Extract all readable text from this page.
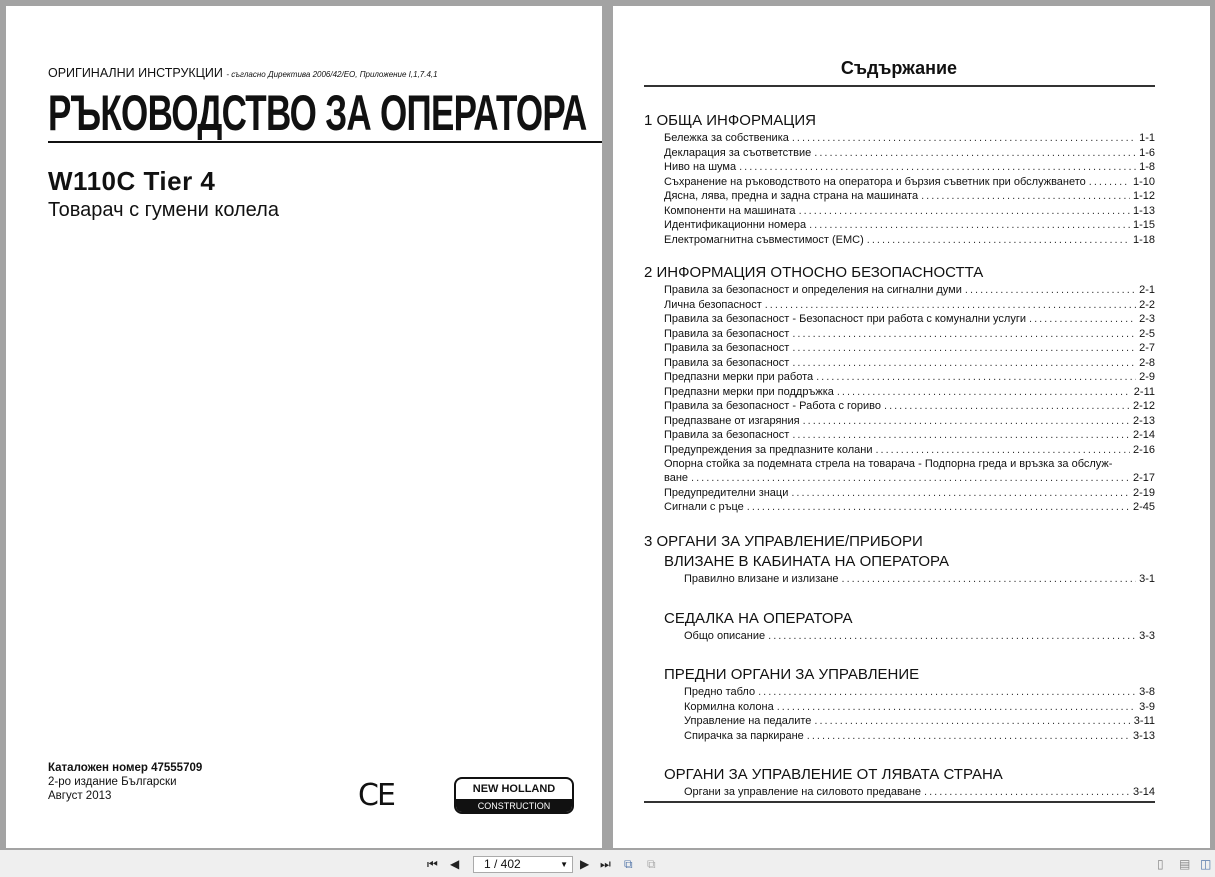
ОРИГИНАЛНИ ИНСТРУКЦИИ - съгласно Директива 2006/42/ЕО, Приложение I,1,7.4,1
РЪКОВОДСТВО ЗА ОПЕРАТОРА
W110C Tier 4
Товарач с гумени колела
Каталожен номер 47555709
2-ро издание Български
Август 2013	CE	NEW HOLLAND
CONSTRUCTION
Съдържание
1 ОБЩА ИНФОРМАЦИЯ
Бележка за собственика .....	1-1
Декларация за съответствие .....	1-6
Ниво на шума .....	1-8
Съхранение на ръководството на оператора и бързия съветник при обслужването .....	1-10
Дясна, лява, предна и задна страна на машината .....	1-12
Компоненти на машината .....	1-13
Идентификационни номера .....	1-15
Електромагнитна съвместимост (EMC) .....	1-18
2 ИНФОРМАЦИЯ ОТНОСНО БЕЗОПАСНОСТТА
Правила за безопасност и определения на сигнални думи .....	2-1
Лична безопасност .....	2-2
Правила за безопасност - Безопасност при работа с комунални услуги .....	2-3
Правила за безопасност .....	2-5
Правила за безопасност .....	2-7
Правила за безопасност .....	2-8
Предпазни мерки при работа .....	2-9
Предпазни мерки при поддръжка .....	2-11
Правила за безопасност - Работа с гориво .....	2-12
Предпазване от изгаряния .....	2-13
Правила за безопасност .....	2-14
Предупреждения за предпазните колани .....	2-16
Опорна стойка за подемната стрела на товарача - Подпорна греда и връзка за обслуж-
ване .....	2-17
Предупредителни знаци .....	2-19
Сигнали с ръце .....	2-45
3 ОРГАНИ ЗА УПРАВЛЕНИЕ/ПРИБОРИ
ВЛИЗАНЕ В КАБИНАТА НА ОПЕРАТОРА
Правилно влизане и излизане .....	3-1
СЕДАЛКА НА ОПЕРАТОРА
Общо описание .....	3-3
ПРЕДНИ ОРГАНИ ЗА УПРАВЛЕНИЕ
Предно табло .....	3-8
Кормилна колона .....	3-9
Управление на педалите .....	3-11
Спирачка за паркиране .....	3-13
ОРГАНИ ЗА УПРАВЛЕНИЕ ОТ ЛЯВАТА СТРАНА
Органи за управление на силовото предаване .....	3-14
⏮ ◀	1 / 402	▼ ▶ ⏭ ⧉ ⧉	▯ ▤ ◫
